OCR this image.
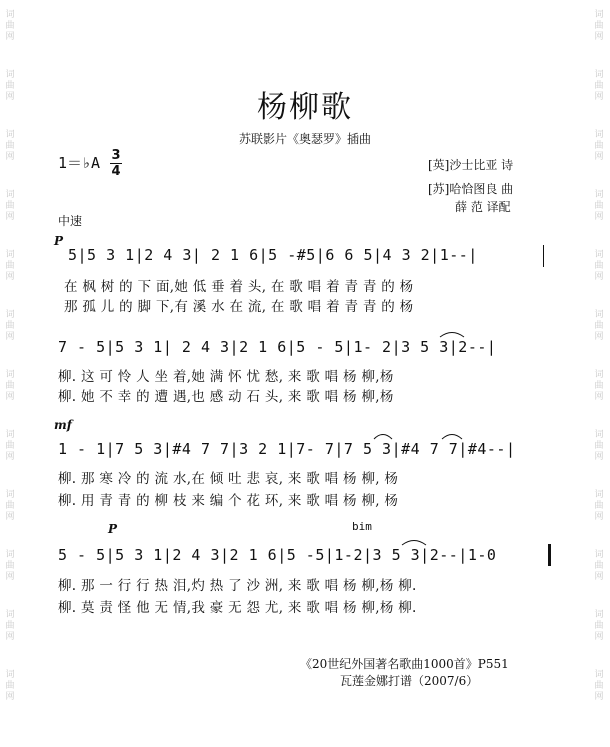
词
曲
网
词
曲
网
词
曲
网
词
曲
网
词
曲
网
词
曲
网
词
曲
网
词
曲
网
词
曲
网
词
曲
网
词
曲
网
词
曲
网
词
曲
网
词
曲
网
词
曲
网
词
曲
网
词
曲
网
词
曲
网
词
曲
网
词
曲
网
词
曲
网
词
曲
网
词
曲
网
词
曲
网
杨柳歌
苏联影片《奥瑟罗》插曲
1＝♭A 3
4	[英]沙士比亚 诗
[苏]哈恰图良 曲
薛 范 译配
中速
P
5|5 3 1|2 4 3| 2 1 6|5 -#5|6 6 5|4 3 2|1--|
在 枫 树 的 下 面,她 低 垂 着 头, 在 歌 唱 着 青 青 的 杨
那 孤 儿 的 脚 下,有 溪 水 在 流, 在 歌 唱 着 青 青 的 杨
7 - 5|5 3 1| 2 4 3|2 1 6|5 - 5|1- 2|3 5 3|2--|
柳. 这 可 怜 人 坐 着,她 满 怀 忧 愁, 来 歌 唱 杨 柳,杨
柳. 她 不 幸 的 遭 遇,也 感 动 石 头, 来 歌 唱 杨 柳,杨
mf
1 - 1|7 5 3|#4 7 7|3 2 1|7- 7|7 5 3|#4 7 7|#4--|
柳. 那 寒 冷 的 流 水,在 倾 吐 悲 哀, 来 歌 唱 杨 柳, 杨
柳. 用 青 青 的 柳 枝 来 编 个 花 环, 来 歌 唱 杨 柳, 杨
P	bim
5 - 5|5 3 1|2 4 3|2 1 6|5 -5|1-2|3 5 3|2--|1-0
柳. 那 一 行 行 热 泪,灼 热 了 沙 洲, 来 歌 唱 杨 柳,杨 柳.
柳. 莫 责 怪 他 无 情,我 豪 无 怨 尤, 来 歌 唱 杨 柳,杨 柳.
《20世纪外国著名歌曲1000首》P551
瓦莲金娜打谱（2007/6）
